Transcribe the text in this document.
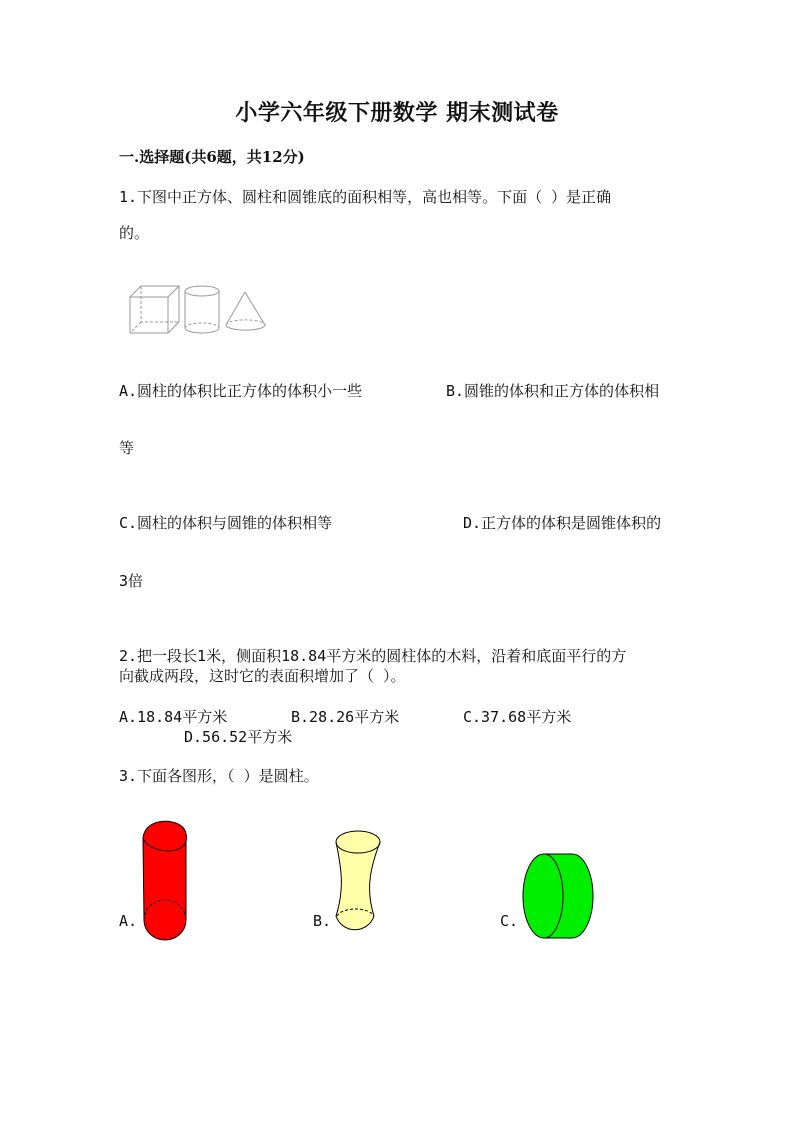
小学六年级下册数学 期末测试卷
一.选择题(共6题，共12分)
1.下图中正方体、圆柱和圆锥底的面积相等，高也相等。下面（ ）是正确
的。
A.圆柱的体积比正方体的体积小一些	B.圆锥的体积和正方体的体积相
等
C.圆柱的体积与圆锥的体积相等	D.正方体的体积是圆锥体积的
3倍
2.把一段长1米，侧面积18.84平方米的圆柱体的木料，沿着和底面平行的方
向截成两段，这时它的表面积增加了（ ）。
A.18.84平方米	B.28.26平方米	C.37.68平方米
D.56.52平方米
3.下面各图形，（ ）是圆柱。
A.	B.	C.
